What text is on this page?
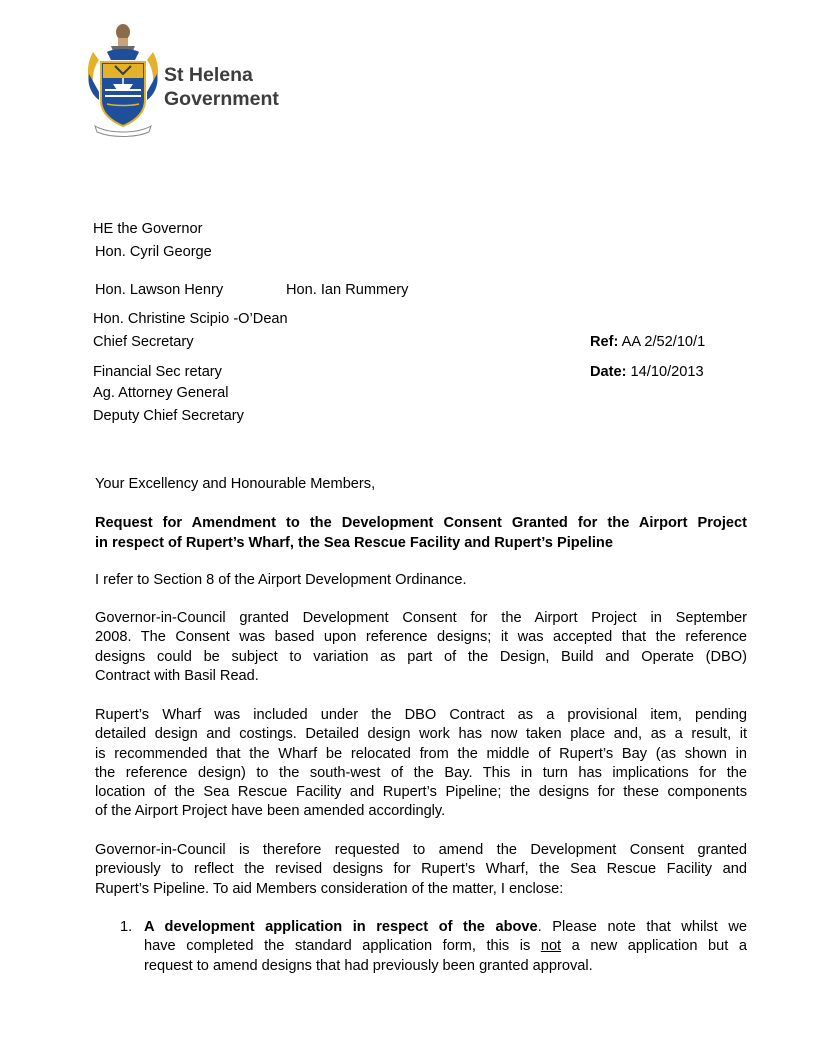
St Helena
Government
HE the Governor
Hon. Cyril George
Hon. Lawson Henry	Hon. Ian Rummery
Hon. Christine Scipio -O’Dean
Chief Secretary
Financial Sec retary
Ag. Attorney General
Deputy Chief Secretary
Ref: AA 2/52/10/1
Date: 14/10/2013
Your Excellency and Honourable Members,
Request for Amendment to the Development Consent Granted for the Airport Project
in respect of Rupert’s Wharf, the Sea Rescue Facility and Rupert’s Pipeline
I refer to Section 8 of the Airport Development Ordinance.
Governor-in-Council granted Development Consent for the Airport Project in September
2008. The Consent was based upon reference designs; it was accepted that the reference
designs could be subject to variation as part of the Design, Build and Operate (DBO)
Contract with Basil Read.
Rupert’s Wharf was included under the DBO Contract as a provisional item, pending
detailed design and costings. Detailed design work has now taken place and, as a result, it
is recommended that the Wharf be relocated from the middle of Rupert’s Bay (as shown in
the reference design) to the south-west of the Bay. This in turn has implications for the
location of the Sea Rescue Facility and Rupert’s Pipeline; the designs for these components
of the Airport Project have been amended accordingly.
Governor-in-Council is therefore requested to amend the Development Consent granted
previously to reflect the revised designs for Rupert’s Wharf, the Sea Rescue Facility and
Rupert’s Pipeline. To aid Members consideration of the matter, I enclose:
1. A development application in respect of the above. Please note that whilst we
have completed the standard application form, this is not a new application but a
request to amend designs that had previously been granted approval.
